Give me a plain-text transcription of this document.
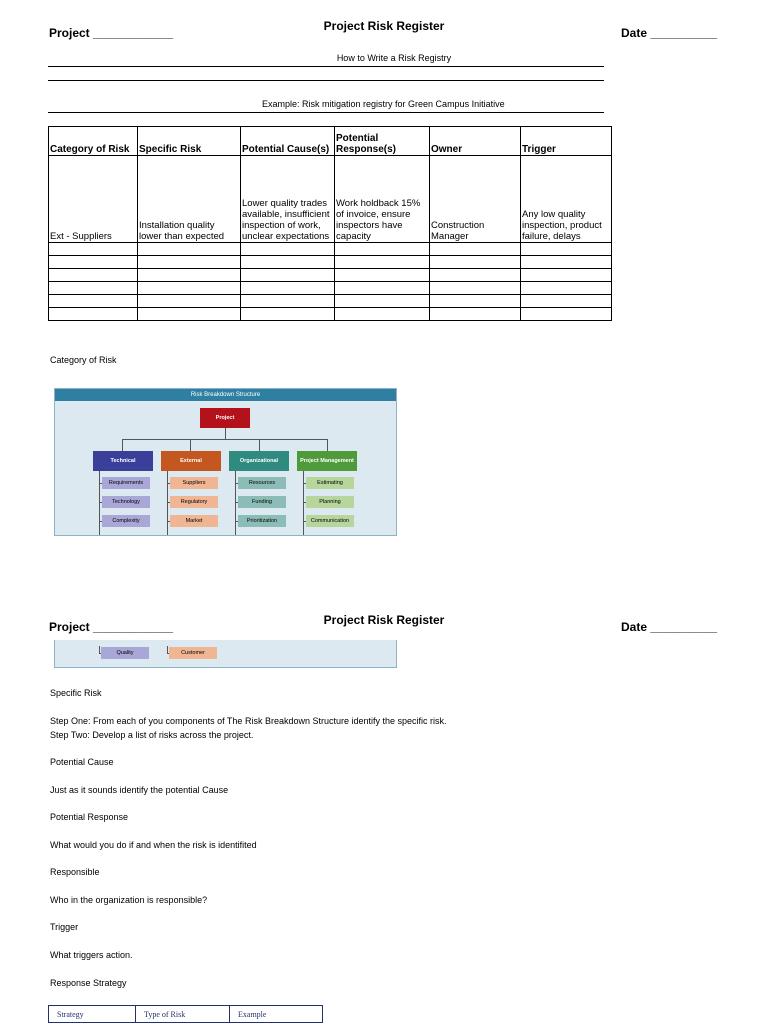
Project ____________	Project Risk Register	Date __________
How to Write a Risk Registry
Example: Risk mitigation registry for Green Campus Initiative
Category of Risk	Specific Risk	Potential Cause(s)	Potential Response(s)	Owner	Trigger
Ext - Suppliers	Installation quality lower than expected	Lower quality trades available, insufficient inspection of work, unclear expectations	Work holdback 15% of invoice, ensure inspectors have capacity	Construction Manager	Any low quality inspection, product failure, delays

Category of Risk
Risk Breakdown Structure
Project
Technical
Requirements
Technology
Complexity
External
Suppliers
Regulatory
Market
Organizational
Resources
Funding
Prioritization
Project Management
Estimating
Planning
Communication
Project ____________	Project Risk Register	Date __________
Quality	Customer
Specific Risk
Step One: From each of you components of The Risk Breakdown Structure identify the specific risk.
Step Two: Develop a list of risks across the project.
Potential Cause
Just as it sounds identify the potential Cause
Potential Response
What would you do if and when the risk is identifited
Responsible
Who in the organization is responsible?
Trigger
What triggers action.
Response Strategy
Strategy	Type of Risk	Example
